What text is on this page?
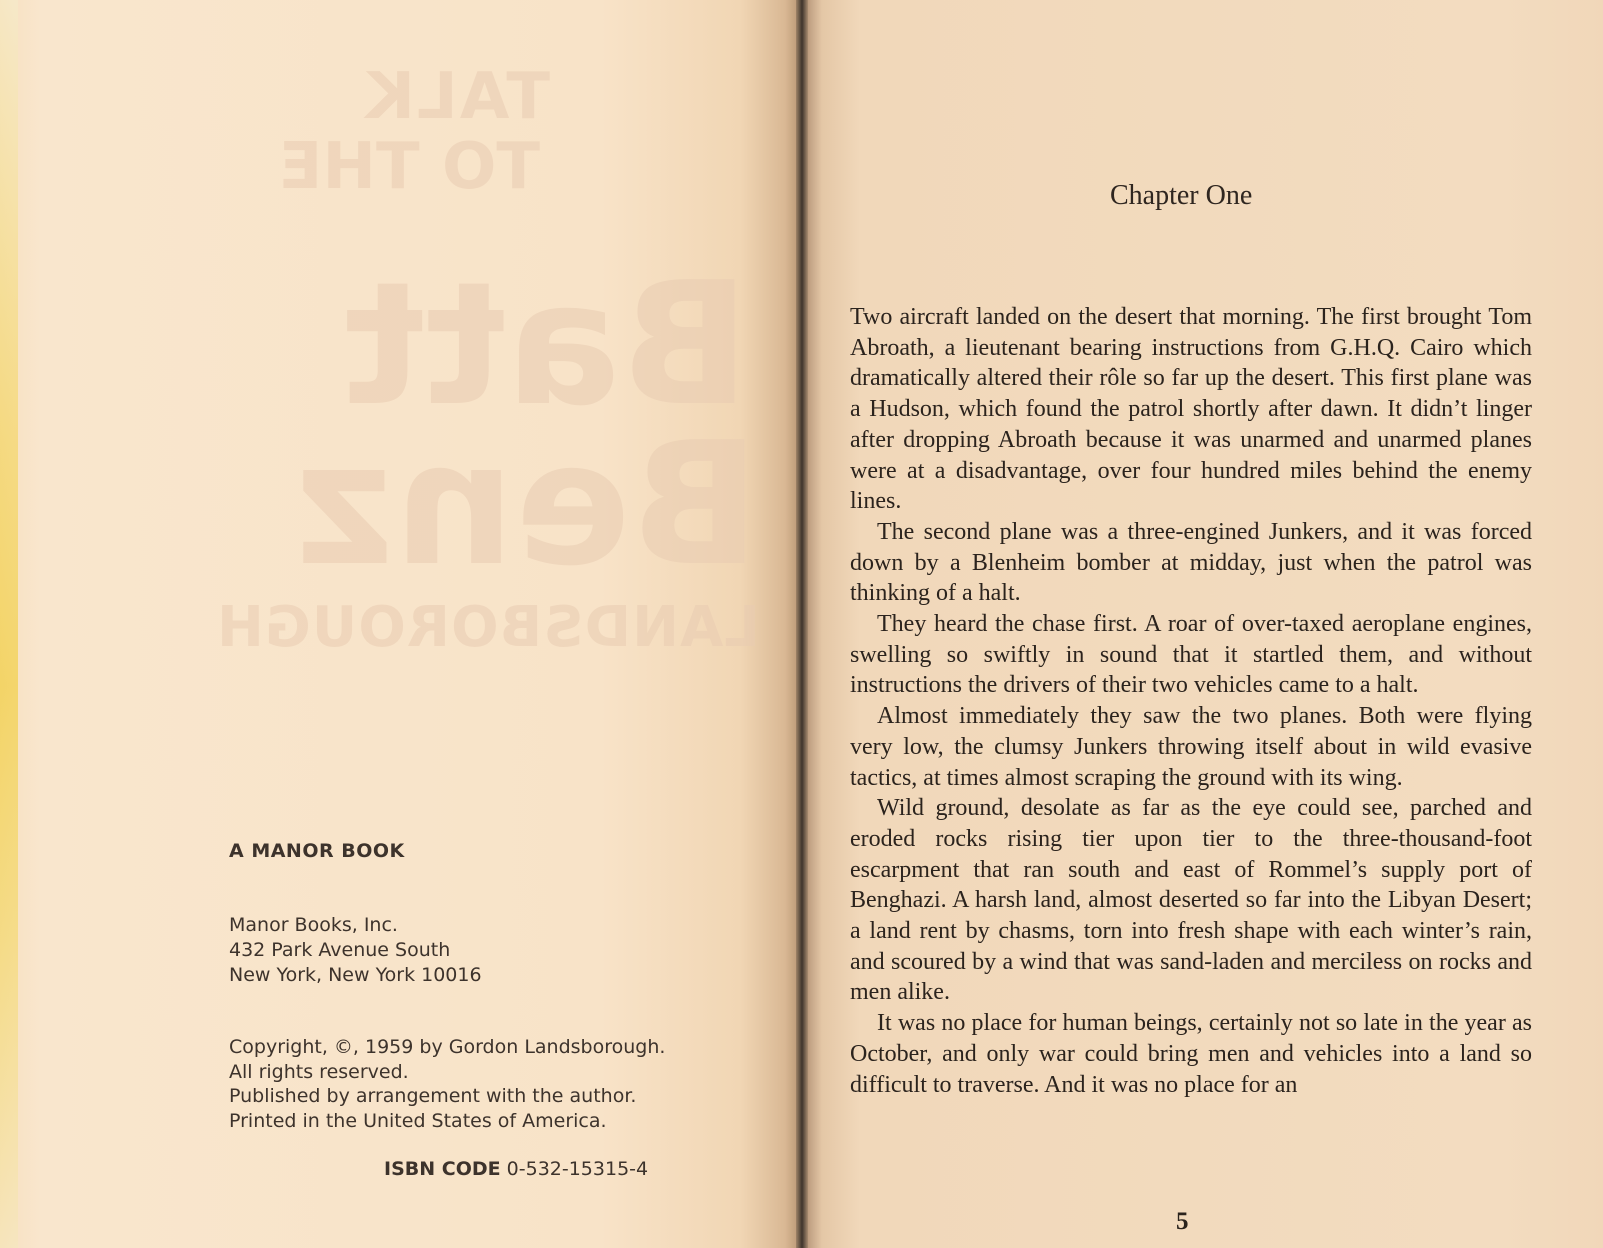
TALK
TO THE
Batt
Benz
LANDSBOROUGH
A MANOR BOOK
Manor Books, Inc.
432 Park Avenue South
New York, New York 10016
Copyright, ©, 1959 by Gordon Landsborough.
All rights reserved.
Published by arrangement with the author.
Printed in the United States of America.
ISBN CODE 0-532-15315-4
Chapter One

Two aircraft landed on the desert that morning. The first brought Tom Abroath, a lieutenant bearing instructions from G.H.Q. Cairo which dramatically altered their rôle so far up the desert. This first plane was a Hudson, which found the patrol shortly after dawn. It didn’t linger after dropping Abroath because it was unarmed and unarmed planes were at a disadvantage, over four hundred miles behind the enemy lines.

The second plane was a three-engined Junkers, and it was forced down by a Blenheim bomber at midday, just when the patrol was thinking of a halt.

They heard the chase first. A roar of over-taxed aeroplane engines, swelling so swiftly in sound that it startled them, and without instructions the drivers of their two vehicles came to a halt.

Almost immediately they saw the two planes. Both were flying very low, the clumsy Junkers throwing itself about in wild evasive tactics, at times almost scraping the ground with its wing.

Wild ground, desolate as far as the eye could see, parched and eroded rocks rising tier upon tier to the three-thousand-foot escarpment that ran south and east of Rommel’s supply port of Benghazi. A harsh land, almost deserted so far into the Libyan Desert; a land rent by chasms, torn into fresh shape with each winter’s rain, and scoured by a wind that was sand-laden and merciless on rocks and men alike.

It was no place for human beings, certainly not so late in the year as October, and only war could bring men and vehicles into a land so difficult to traverse. And it was no place for an

5
